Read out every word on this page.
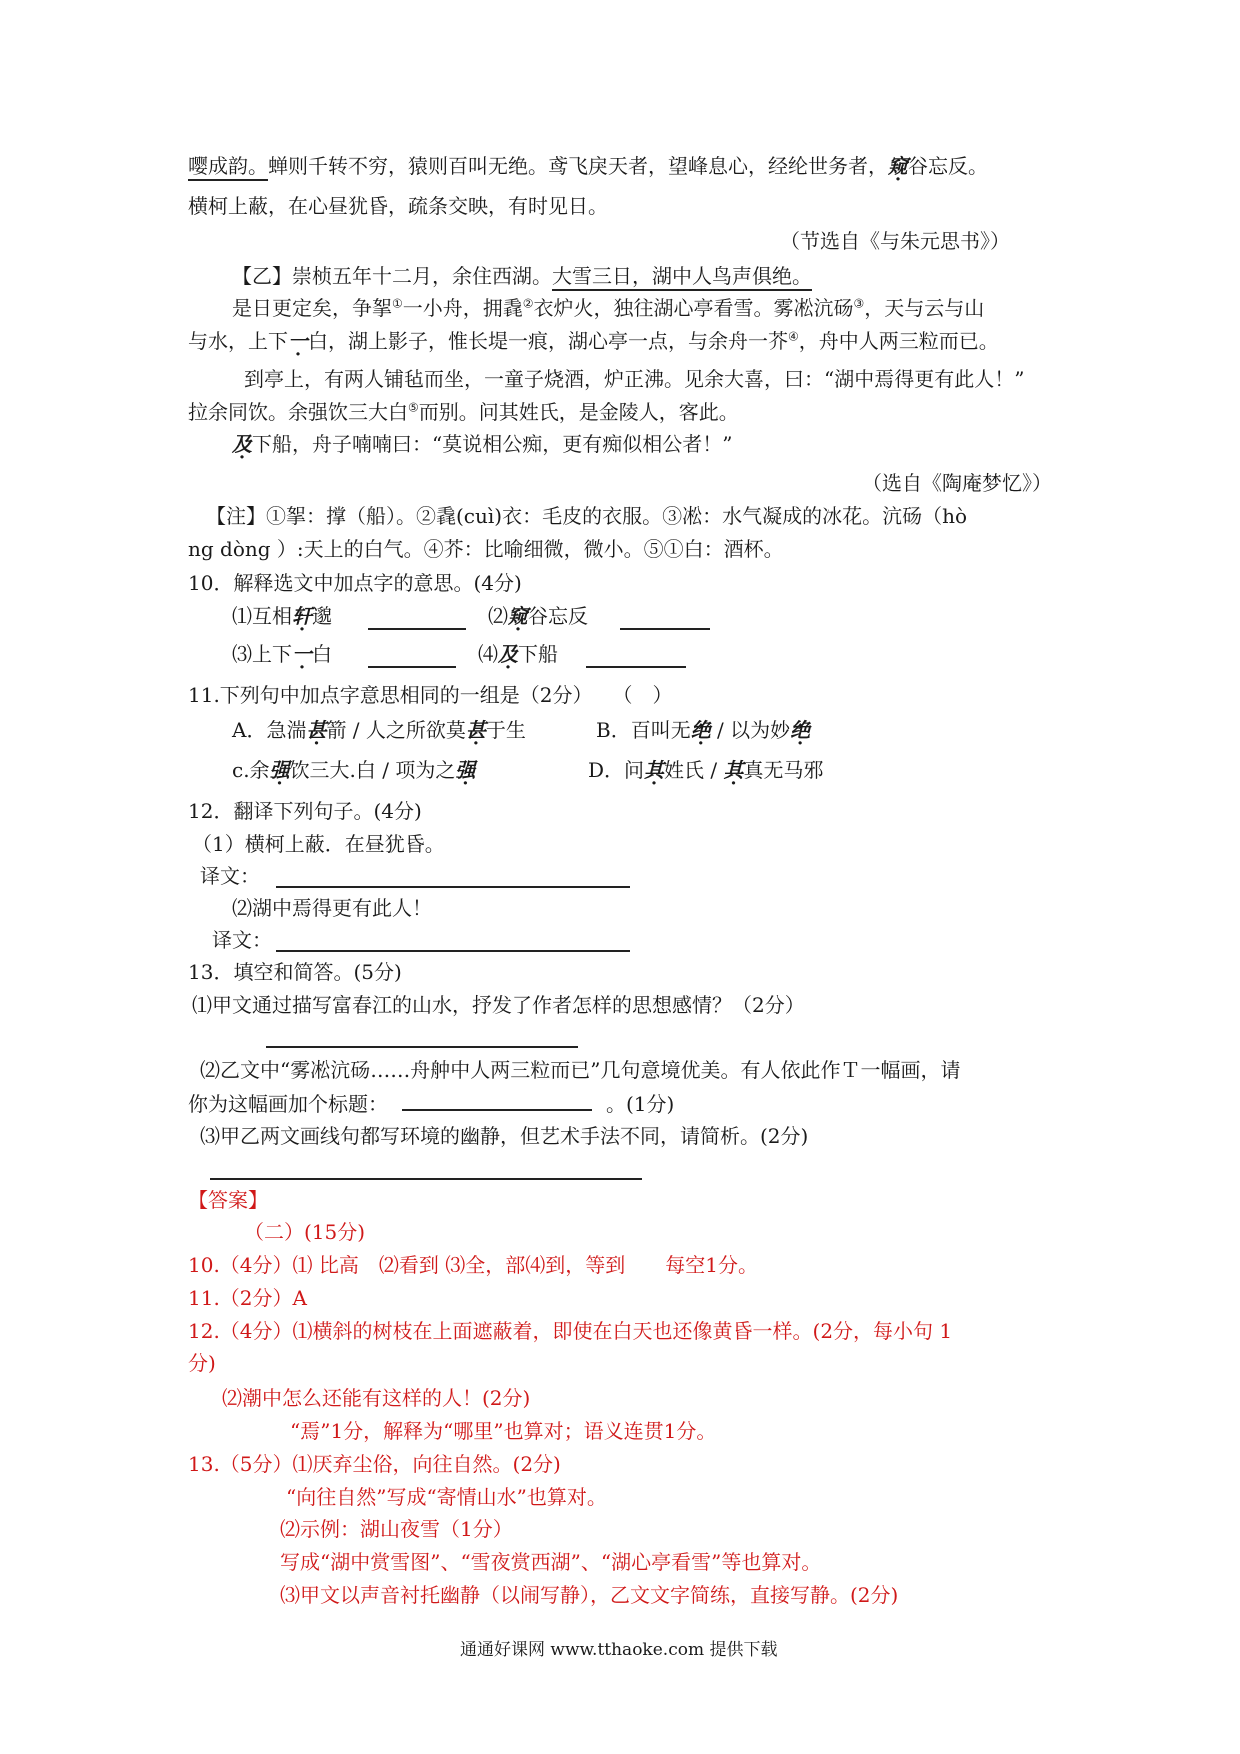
嘤成韵。蝉则千转不穷，猿则百叫无绝。鸢飞戾天者，望峰息心，经纶世务者，窥谷忘反。
横柯上蔽，在心昼犹昏，疏条交映，有时见日。
（节选自《与朱元思书》）
【乙】崇桢五年十二月，余住西湖。大雪三日，湖中人鸟声俱绝。
是日更定矣，争挐①一小舟，拥毳②衣炉火，独往湖心亭看雪。雾凇沆砀③，天与云与山
与水，上下一白，湖上影子，惟长堤一痕，湖心亭一点，与余舟一芥④，舟中人两三粒而已。
到亭上，有两人铺毡而坐，一童子烧酒，炉正沸。见余大喜，曰：“湖中焉得更有此人！”
拉余同饮。余强饮三大白⑤而别。问其姓氏，是金陵人，客此。
及下船，舟子喃喃曰：“莫说相公痴，更有痴似相公者！”
（选自《陶庵梦忆》）
【注】①挐：撑（船）。②毳(cuì)衣：毛皮的衣服。③凇：水气凝成的冰花。沆砀（hò
ng dòng ）:天上的白气。④芥：比喻细微，微小。⑤①白：酒杯。
10．解释选文中加点字的意思。(4分)
⑴互相轩邈	⑵窥谷忘反
⑶上下一白	⑷及下船
11.下列句中加点字意思相同的一组是（2分）　　（　）
A．急湍甚箭 / 人之所欲莫甚于生	B．百叫无绝 / 以为妙绝
c.余强饮三大.白 / 项为之强	D．问其姓氏 / 其真无马邪
12．翻译下列句子。(4分)
（1）横柯上蔽．在昼犹昏。
译文：
⑵湖中焉得更有此人！
译文：
13．填空和简答。(5分)
⑴甲文通过描写富春江的山水，抒发了作者怎样的思想感情？（2分）
⑵乙文中“雾凇沆砀……舟舯中人两三粒而已”几句意境优美。有人依此作Ｔ一幅画，请
你为这幅画加个标题：	。(1分)
⑶甲乙两文画线句都写环境的幽静，但艺术手法不同，请简析。(2分)
【答案】
（二）(15分)
10.（4分）⑴ 比高　⑵看到 ⑶全，部⑷到，等到　　每空1分。
11.（2分）A
12.（4分）⑴横斜的树枝在上面遮蔽着，即使在白天也还像黄昏一样。(2分，每小句 1
分)
⑵潮中怎么还能有这样的人！(2分)
“焉”1分，解释为“哪里”也算对；语义连贯1分。
13.（5分）⑴厌弃尘俗，向往自然。(2分)
“向往自然”写成“寄情山水”也算对。
⑵示例：湖山夜雪（1分）
写成“湖中赏雪图”、“雪夜赏西湖”、“湖心亭看雪”等也算对。
⑶甲文以声音衬托幽静（以闹写静），乙文文字简练，直接写静。(2分)
通通好课网 www.tthaoke.com 提供下载
